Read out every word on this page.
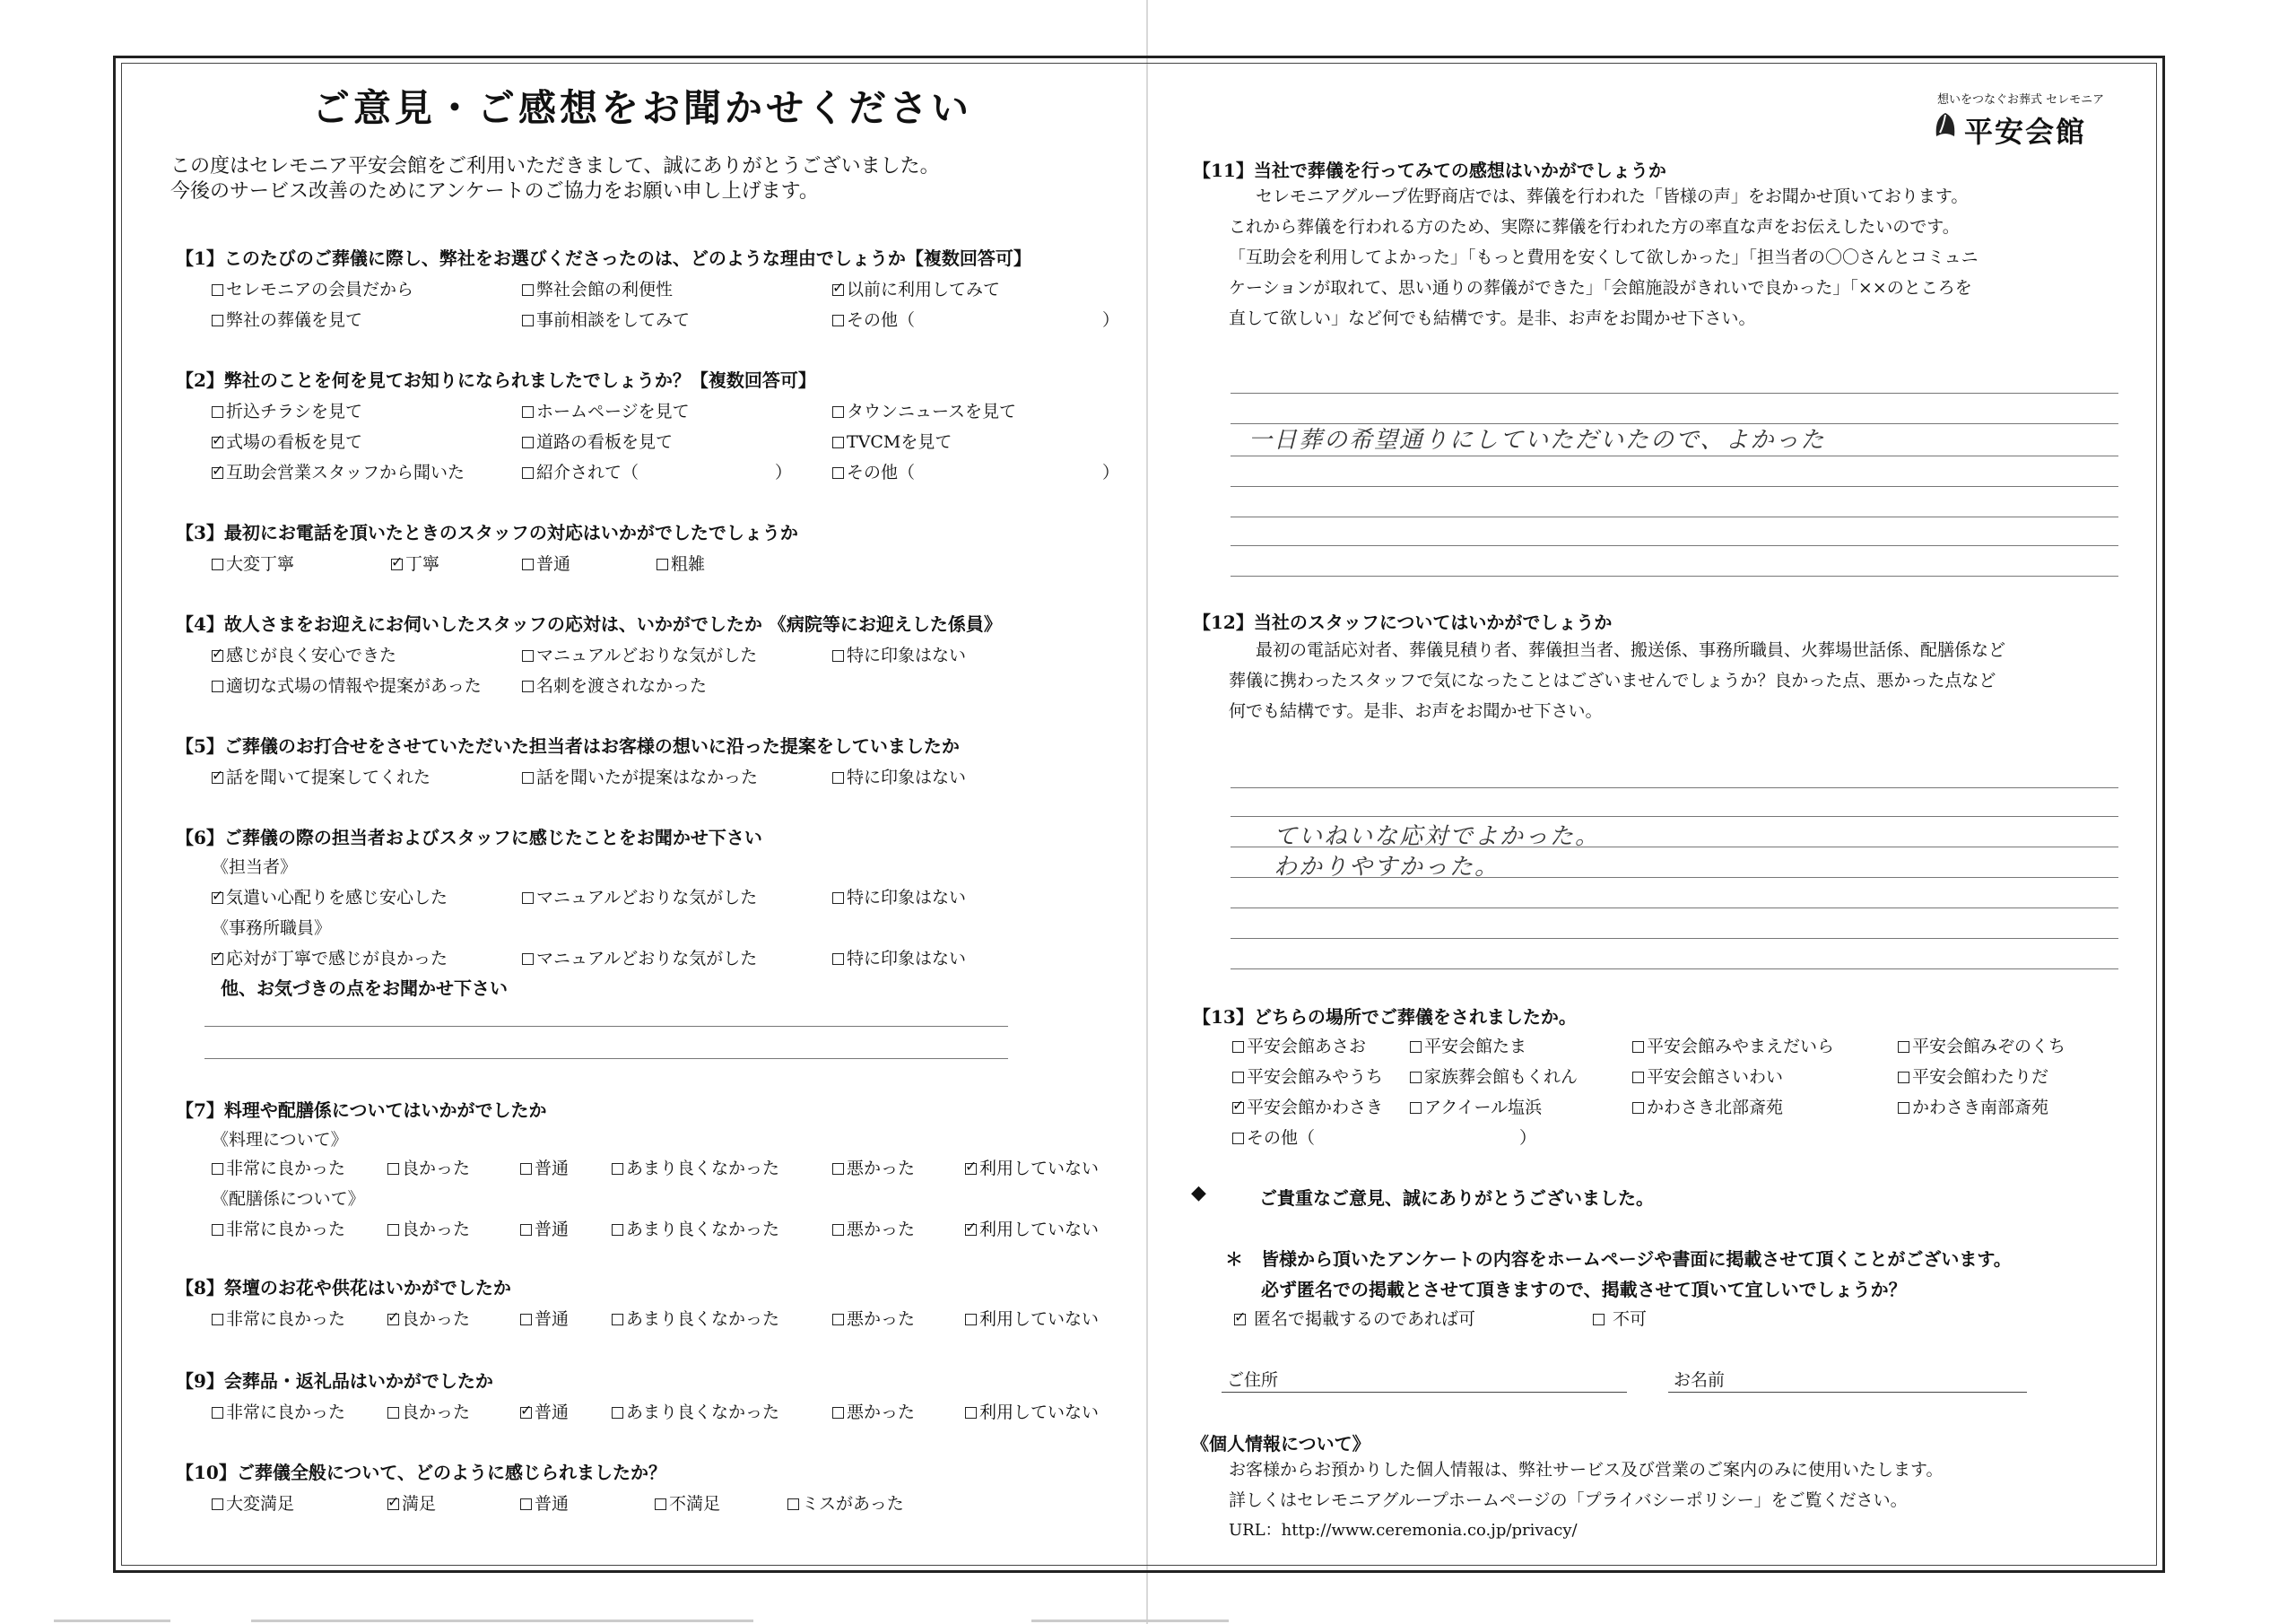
ご意見・ご感想をお聞かせください
この度はセレモニア平安会館をご利用いただきまして、誠にありがとうございました。
今後のサービス改善のためにアンケートのご協力をお願い申し上げます。
想いをつなぐお葬式 セレモニア
平安会館
【1】このたびのご葬儀に際し、弊社をお選びくださったのは、どのような理由でしょうか【複数回答可】
セレモニアの会員だから	弊社会館の利便性 ✓	以前に利用してみて
弊社の葬儀を見て	事前相談をしてみて	その他（　　　　　　　　　　　）
【2】弊社のことを何を見てお知りになられましたでしょうか？【複数回答可】
折込チラシを見て	ホームページを見て	タウンニュースを見て
✓式場の看板を見て	道路の看板を見て	TVCMを見て
✓互助会営業スタッフから聞いた	紹介されて（　　　　　　　　）	その他（　　　　　　　　　　　）
【3】最初にお電話を頂いたときのスタッフの対応はいかがでしたでしょうか
大変丁寧 ✓	丁寧	普通	粗雑
【4】故人さまをお迎えにお伺いしたスタッフの応対は、いかがでしたか 《病院等にお迎えした係員》
✓感じが良く安心できた	マニュアルどおりな気がした	特に印象はない
適切な式場の情報や提案があった	名刺を渡されなかった
【5】ご葬儀のお打合せをさせていただいた担当者はお客様の想いに沿った提案をしていましたか
✓話を聞いて提案してくれた	話を聞いたが提案はなかった	特に印象はない
【6】ご葬儀の際の担当者およびスタッフに感じたことをお聞かせ下さい
《担当者》
✓気遣い心配りを感じ安心した	マニュアルどおりな気がした	特に印象はない
《事務所職員》
✓応対が丁寧で感じが良かった	マニュアルどおりな気がした	特に印象はない
他、お気づきの点をお聞かせ下さい
【7】料理や配膳係についてはいかがでしたか
《料理について》
非常に良かった	良かった	普通	あまり良くなかった	悪かった ✓	利用していない
《配膳係について》
非常に良かった	良かった	普通	あまり良くなかった	悪かった ✓	利用していない
【8】祭壇のお花や供花はいかがでしたか
非常に良かった ✓	良かった	普通	あまり良くなかった	悪かった	利用していない
【9】会葬品・返礼品はいかがでしたか
非常に良かった	良かった ✓	普通	あまり良くなかった	悪かった	利用していない
【10】ご葬儀全般について、どのように感じられましたか？
大変満足 ✓	満足	普通	不満足	ミスがあった
【11】当社で葬儀を行ってみての感想はいかがでしょうか
セレモニアグループ佐野商店では、葬儀を行われた「皆様の声」をお聞かせ頂いております。
これから葬儀を行われる方のため、実際に葬儀を行われた方の率直な声をお伝えしたいのです。
「互助会を利用してよかった」「もっと費用を安くして欲しかった」「担当者の〇〇さんとコミュニ
ケーションが取れて、思い通りの葬儀ができた」「会館施設がきれいで良かった」「××のところを
直して欲しい」など何でも結構です。是非、お声をお聞かせ下さい。
一日葬の希望通りにしていただいたので、よかった
【12】当社のスタッフについてはいかがでしょうか
最初の電話応対者、葬儀見積り者、葬儀担当者、搬送係、事務所職員、火葬場世話係、配膳係など
葬儀に携わったスタッフで気になったことはございませんでしょうか？良かった点、悪かった点など
何でも結構です。是非、お声をお聞かせ下さい。
ていねいな応対でよかった。
わかりやすかった。
【13】どちらの場所でご葬儀をされましたか。
平安会館あさお	平安会館たま	平安会館みやまえだいら	平安会館みぞのくち
平安会館みやうち	家族葬会館もくれん	平安会館さいわい	平安会館わたりだ
✓平安会館かわさき	アクイール塩浜	かわさき北部斎苑	かわさき南部斎苑
その他（　　　　　　　　　　　　）
◆	ご貴重なご意見、誠にありがとうございました。
＊　皆様から頂いたアンケートの内容をホームページや書面に掲載させて頂くことがございます。
必ず匿名での掲載とさせて頂きますので、掲載させて頂いて宜しいでしょうか？
✓ 匿名で掲載するのであれば可	不可
ご住所	お名前
《個人情報について》
お客様からお預かりした個人情報は、弊社サービス及び営業のご案内のみに使用いたします。
詳しくはセレモニアグループホームページの「プライバシーポリシー」をご覧ください。
URL：http://www.ceremonia.co.jp/privacy/
